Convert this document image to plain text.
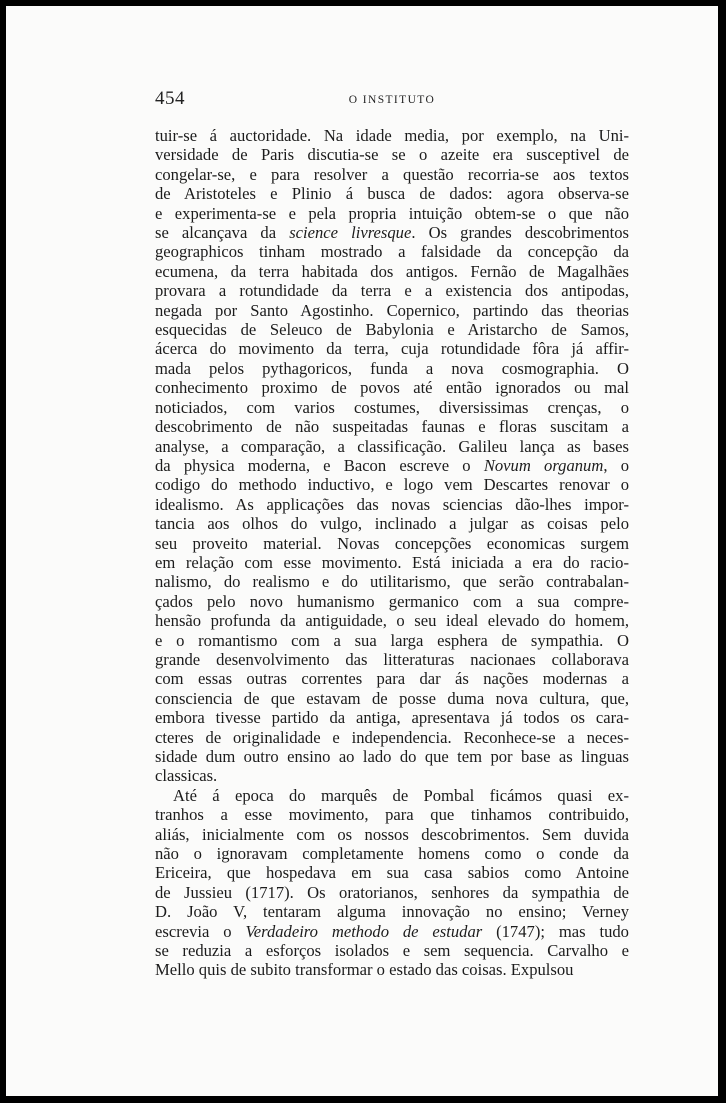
454	O INSTITUTO
tuir-se á auctoridade. Na idade media, por exemplo, na Uni-
versidade de Paris discutia-se se o azeite era susceptivel de
congelar-se, e para resolver a questão recorria-se aos textos
de Aristoteles e Plinio á busca de dados: agora observa-se
e experimenta-se e pela propria intuição obtem-se o que não
se alcançava da science livresque. Os grandes descobrimentos
geographicos tinham mostrado a falsidade da concepção da
ecumena, da terra habitada dos antigos. Fernão de Magalhães
provara a rotundidade da terra e a existencia dos antipodas,
negada por Santo Agostinho. Copernico, partindo das theorias
esquecidas de Seleuco de Babylonia e Aristarcho de Samos,
ácerca do movimento da terra, cuja rotundidade fôra já affir-
mada pelos pythagoricos, funda a nova cosmographia. O
conhecimento proximo de povos até então ignorados ou mal
noticiados, com varios costumes, diversissimas crenças, o
descobrimento de não suspeitadas faunas e floras suscitam a
analyse, a comparação, a classificação. Galileu lança as bases
da physica moderna, e Bacon escreve o Novum organum, o
codigo do methodo inductivo, e logo vem Descartes renovar o
idealismo. As applicações das novas sciencias dão-lhes impor-
tancia aos olhos do vulgo, inclinado a julgar as coisas pelo
seu proveito material. Novas concepções economicas surgem
em relação com esse movimento. Está iniciada a era do racio-
nalismo, do realismo e do utilitarismo, que serão contrabalan-
çados pelo novo humanismo germanico com a sua compre-
hensão profunda da antiguidade, o seu ideal elevado do homem,
e o romantismo com a sua larga esphera de sympathia. O
grande desenvolvimento das litteraturas nacionaes collaborava
com essas outras correntes para dar ás nações modernas a
consciencia de que estavam de posse duma nova cultura, que,
embora tivesse partido da antiga, apresentava já todos os cara-
cteres de originalidade e independencia. Reconhece-se a neces-
sidade dum outro ensino ao lado do que tem por base as linguas
classicas.
Até á epoca do marquês de Pombal ficámos quasi ex-
tranhos a esse movimento, para que tinhamos contribuido,
aliás, inicialmente com os nossos descobrimentos. Sem duvida
não o ignoravam completamente homens como o conde da
Ericeira, que hospedava em sua casa sabios como Antoine
de Jussieu (1717). Os oratorianos, senhores da sympathia de
D. João V, tentaram alguma innovação no ensino; Verney
escrevia o Verdadeiro methodo de estudar (1747); mas tudo
se reduzia a esforços isolados e sem sequencia. Carvalho e
Mello quis de subito transformar o estado das coisas. Expulsou
